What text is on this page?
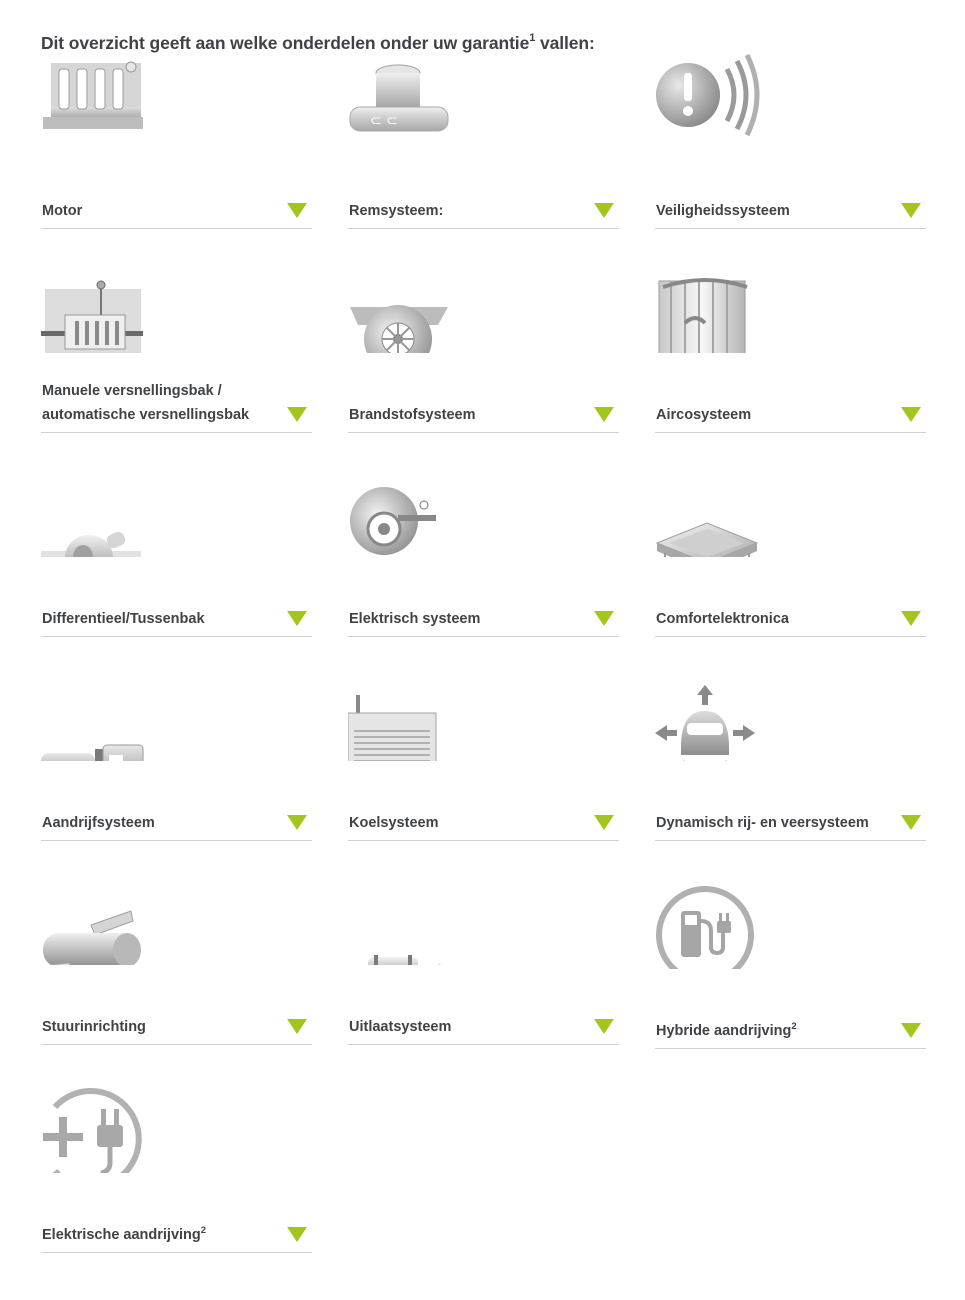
Dit overzicht geeft aan welke onderdelen onder uw garantie$^1$ vallen:
Motor
⊂ ⊂
Remsysteem:	Veiligheidssysteem
Manuele versnellingsbak / automatische versnellingsbak	Brandstofsysteem	Aircosysteem
Differentieel/Tussenbak	Elektrisch systeem	Comfortelektronica
Aandrijfsysteem	Koelsysteem	Dynamisch rij- en veersysteem
Stuurinrichting	Uitlaatsysteem	Hybride aandrijving$^2$
Elektrische aandrijving$^2$
